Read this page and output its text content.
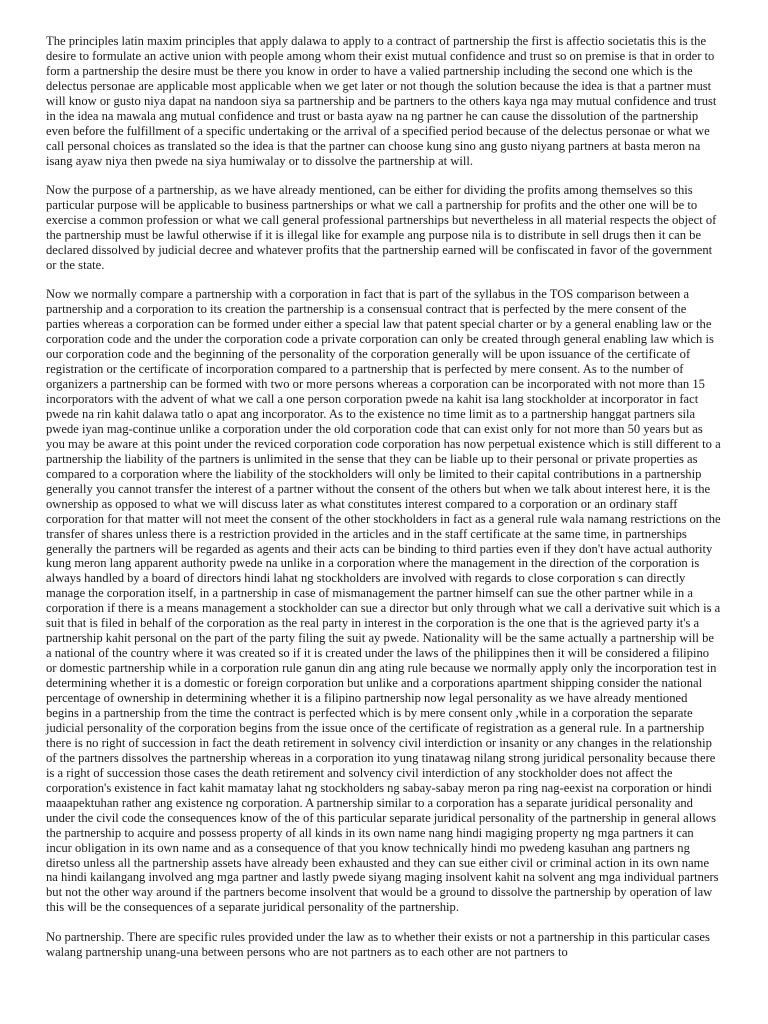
The principles latin maxim principles that apply dalawa to apply to a contract of partnership the first is affectio societatis this is the desire to formulate an active union with people among whom their exist mutual confidence and trust so on premise is that in order to form a partnership the desire must be there you know in order to have a valied partnership including the second one which is the delectus personae are applicable most applicable when we get later or not though the solution because the idea is that a partner must will know or gusto niya dapat na nandoon siya sa partnership and be partners to the others kaya nga may mutual confidence and trust in the idea na mawala ang mutual confidence and trust or basta ayaw na ng partner he can cause the dissolution of the partnership even before the fulfillment of a specific undertaking or the arrival of a specified period because of the delectus personae or what we call personal choices as translated so the idea is that the partner can choose kung sino ang gusto niyang partners at basta meron na isang ayaw niya then pwede na siya humiwalay or to dissolve the partnership at will.

Now the purpose of a partnership, as we have already mentioned, can be either for dividing the profits among themselves so this particular purpose will be applicable to business partnerships or what we call a partnership for profits and the other one will be to exercise a common profession or what we call general professional partnerships but nevertheless in all material respects the object of the partnership must be lawful otherwise if it is illegal like for example ang purpose nila is to distribute in sell drugs then it can be declared dissolved by judicial decree and whatever profits that the partnership earned will be confiscated in favor of the government or the state.

Now we normally compare a partnership with a corporation in fact that is part of the syllabus in the TOS comparison between a partnership and a corporation to its creation the partnership is a consensual contract that is perfected by the mere consent of the parties whereas a corporation can be formed under either a special law that patent special charter or by a general enabling law or the corporation code and the under the corporation code a private corporation can only be created through general enabling law which is our corporation code and the beginning of the personality of the corporation generally will be upon issuance of the certificate of registration or the certificate of incorporation compared to a partnership that is perfected by mere consent. As to the number of organizers a partnership can be formed with two or more persons whereas a corporation can be incorporated with not more than 15 incorporators with the advent of what we call a one person corporation pwede na kahit isa lang stockholder at incorporator in fact pwede na rin kahit dalawa tatlo o apat ang incorporator. As to the existence no time limit as to a partnership hanggat partners sila pwede iyan mag-continue unlike a corporation under the old corporation code that can exist only for not more than 50 years but as you may be aware at this point under the reviced corporation code corporation has now perpetual existence which is still different to a partnership the liability of the partners is unlimited in the sense that they can be liable up to their personal or private properties as compared to a corporation where the liability of the stockholders will only be limited to their capital contributions in a partnership generally you cannot transfer the interest of a partner without the consent of the others but when we talk about interest here, it is the ownership as opposed to what we will discuss later as what constitutes interest compared to a corporation or an ordinary staff corporation for that matter will not meet the consent of the other stockholders in fact as a general rule wala namang restrictions on the transfer of shares unless there is a restriction provided in the articles and in the staff certificate at the same time, in partnerships generally the partners will be regarded as agents and their acts can be binding to third parties even if they don't have actual authority kung meron lang apparent authority pwede na unlike in a corporation where the management in the direction of the corporation is always handled by a board of directors hindi lahat ng stockholders are involved with regards to close corporation s can directly manage the corporation itself, in a partnership in case of mismanagement the partner himself can sue the other partner while in a corporation if there is a means management a stockholder can sue a director but only through what we call a derivative suit which is a suit that is filed in behalf of the corporation as the real party in interest in the corporation is the one that is the agrieved party it's a partnership kahit personal on the part of the party filing the suit ay pwede. Nationality will be the same actually a partnership will be a national of the country where it was created so if it is created under the laws of the philippines then it will be considered a filipino or domestic partnership while in a corporation rule ganun din ang ating rule because we normally apply only the incorporation test in determining whether it is a domestic or foreign corporation but unlike and a corporations apartment shipping consider the national percentage of ownership in determining whether it is a filipino partnership now legal personality as we have already mentioned begins in a partnership from the time the contract is perfected which is by mere consent only ,while in a corporation the separate judicial personality of the corporation begins from the issue once of the certificate of registration as a general rule. In a partnership there is no right of succession in fact the death retirement in solvency civil interdiction or insanity or any changes in the relationship of the partners dissolves the partnership whereas in a corporation ito yung tinatawag nilang strong juridical personality because there is a right of succession those cases the death retirement and solvency civil interdiction of any stockholder does not affect the corporation's existence in fact kahit mamatay lahat ng stockholders ng sabay-sabay meron pa ring nag-eexist na corporation or hindi maaapektuhan rather ang existence ng corporation. A partnership similar to a corporation has a separate juridical personality and under the civil code the consequences know of the of this particular separate juridical personality of the partnership in general allows the partnership to acquire and possess property of all kinds in its own name nang hindi magiging property ng mga partners it can incur obligation in its own name and as a consequence of that you know technically hindi mo pwedeng kasuhan ang partners ng diretso unless all the partnership assets have already been exhausted and they can sue either civil or criminal action in its own name na hindi kailangang involved ang mga partner and lastly pwede siyang maging insolvent kahit na solvent ang mga individual partners but not the other way around if the partners become insolvent that would be a ground to dissolve the partnership by operation of law this will be the consequences of a separate juridical personality of the partnership.

No partnership. There are specific rules provided under the law as to whether their exists or not a partnership in this particular cases walang partnership unang-una between persons who are not partners as to each other are not partners to
